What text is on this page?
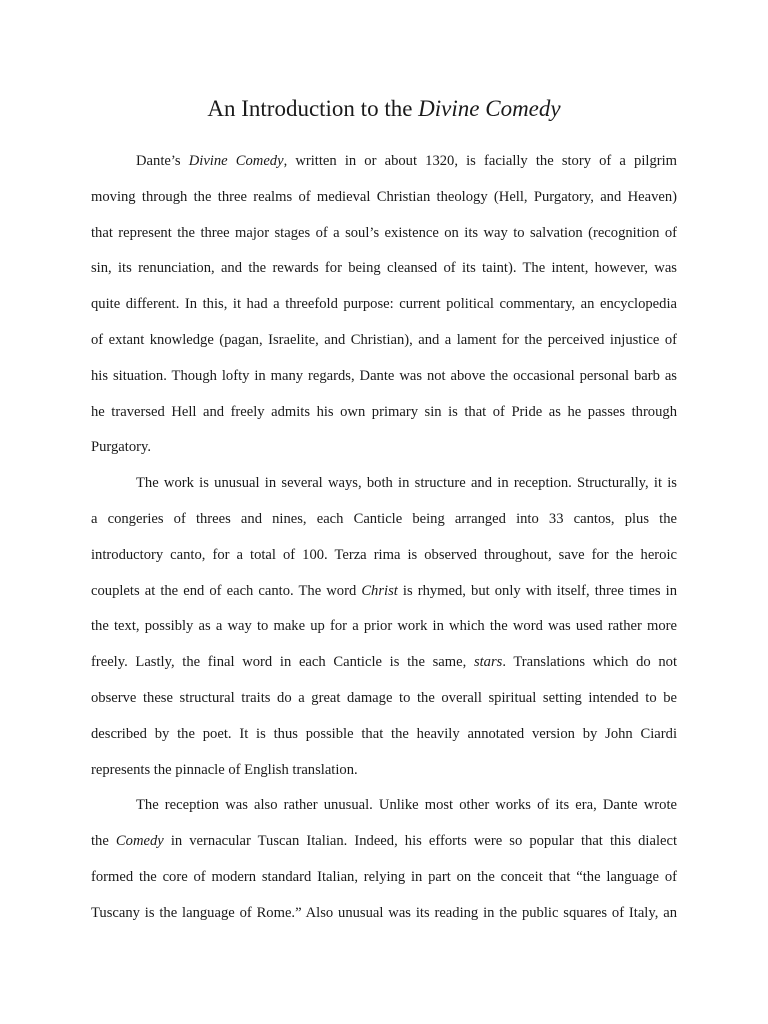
An Introduction to the Divine Comedy
Dante’s Divine Comedy, written in or about 1320, is facially the story of a pilgrim
moving through the three realms of medieval Christian theology (Hell, Purgatory, and Heaven)
that represent the three major stages of a soul’s existence on its way to salvation (recognition of
sin, its renunciation, and the rewards for being cleansed of its taint). The intent, however, was
quite different. In this, it had a threefold purpose: current political commentary, an encyclopedia
of extant knowledge (pagan, Israelite, and Christian), and a lament for the perceived injustice of
his situation. Though lofty in many regards, Dante was not above the occasional personal barb as
he traversed Hell and freely admits his own primary sin is that of Pride as he passes through
Purgatory.
The work is unusual in several ways, both in structure and in reception. Structurally, it is
a congeries of threes and nines, each Canticle being arranged into 33 cantos, plus the
introductory canto, for a total of 100. Terza rima is observed throughout, save for the heroic
couplets at the end of each canto. The word Christ is rhymed, but only with itself, three times in
the text, possibly as a way to make up for a prior work in which the word was used rather more
freely. Lastly, the final word in each Canticle is the same, stars. Translations which do not
observe these structural traits do a great damage to the overall spiritual setting intended to be
described by the poet. It is thus possible that the heavily annotated version by John Ciardi
represents the pinnacle of English translation.
The reception was also rather unusual. Unlike most other works of its era, Dante wrote
the Comedy in vernacular Tuscan Italian. Indeed, his efforts were so popular that this dialect
formed the core of modern standard Italian, relying in part on the conceit that “the language of
Tuscany is the language of Rome.” Also unusual was its reading in the public squares of Italy, an
